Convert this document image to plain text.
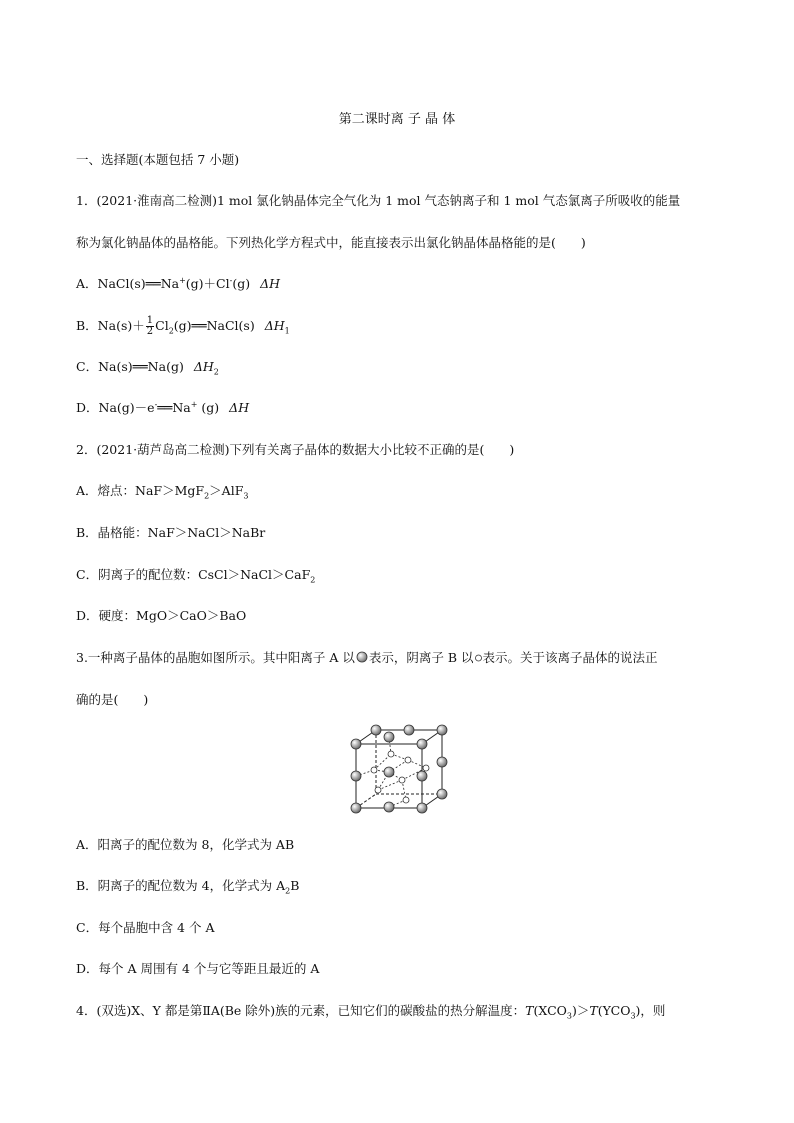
第二课时离 子 晶 体
一、选择题(本题包括 7 小题)
1．(2021·淮南高二检测)1 mol 氯化钠晶体完全气化为 1 mol 气态钠离子和 1 mol 气态氯离子所吸收的能量
称为氯化钠晶体的晶格能。下列热化学方程式中，能直接表示出氯化钠晶体晶格能的是(　　)
A．NaCl(s)══Na+(g)＋Cl-(g) ΔH
B．$Na(s)+ \frac{1}{2}$ $Cl_2(g)══NaCl(s)$ $\Delta H_1$
C．Na(s)══Na(g) $\Delta H_2$
D．Na(g)－e-══Na+ (g) ΔH
2．(2021·葫芦岛高二检测)下列有关离子晶体的数据大小比较不正确的是(　　)
A．熔点：NaF＞MgF$_2$＞AlF$_3$
B．晶格能：NaF＞NaCl＞NaBr
C．阴离子的配位数：CsCl＞NaCl＞CaF$_2$
D．硬度：MgO＞CaO＞BaO
3.一种离子晶体的晶胞如图所示。其中阳离子 A 以 表示，阴离子 B 以 表示。关于该离子晶体的说法正
确的是(　　)
A．阳离子的配位数为 8，化学式为 AB
B．阴离子的配位数为 4，化学式为 $A_2B$
C．每个晶胞中含 4 个 A
D．每个 A 周围有 4 个与它等距且最近的 A
4．(双选)X、Y 都是第ⅡA(Be 除外)族的元素，已知它们的碳酸盐的热分解温度：$T(XCO_3)>T(YCO_3)$，则
